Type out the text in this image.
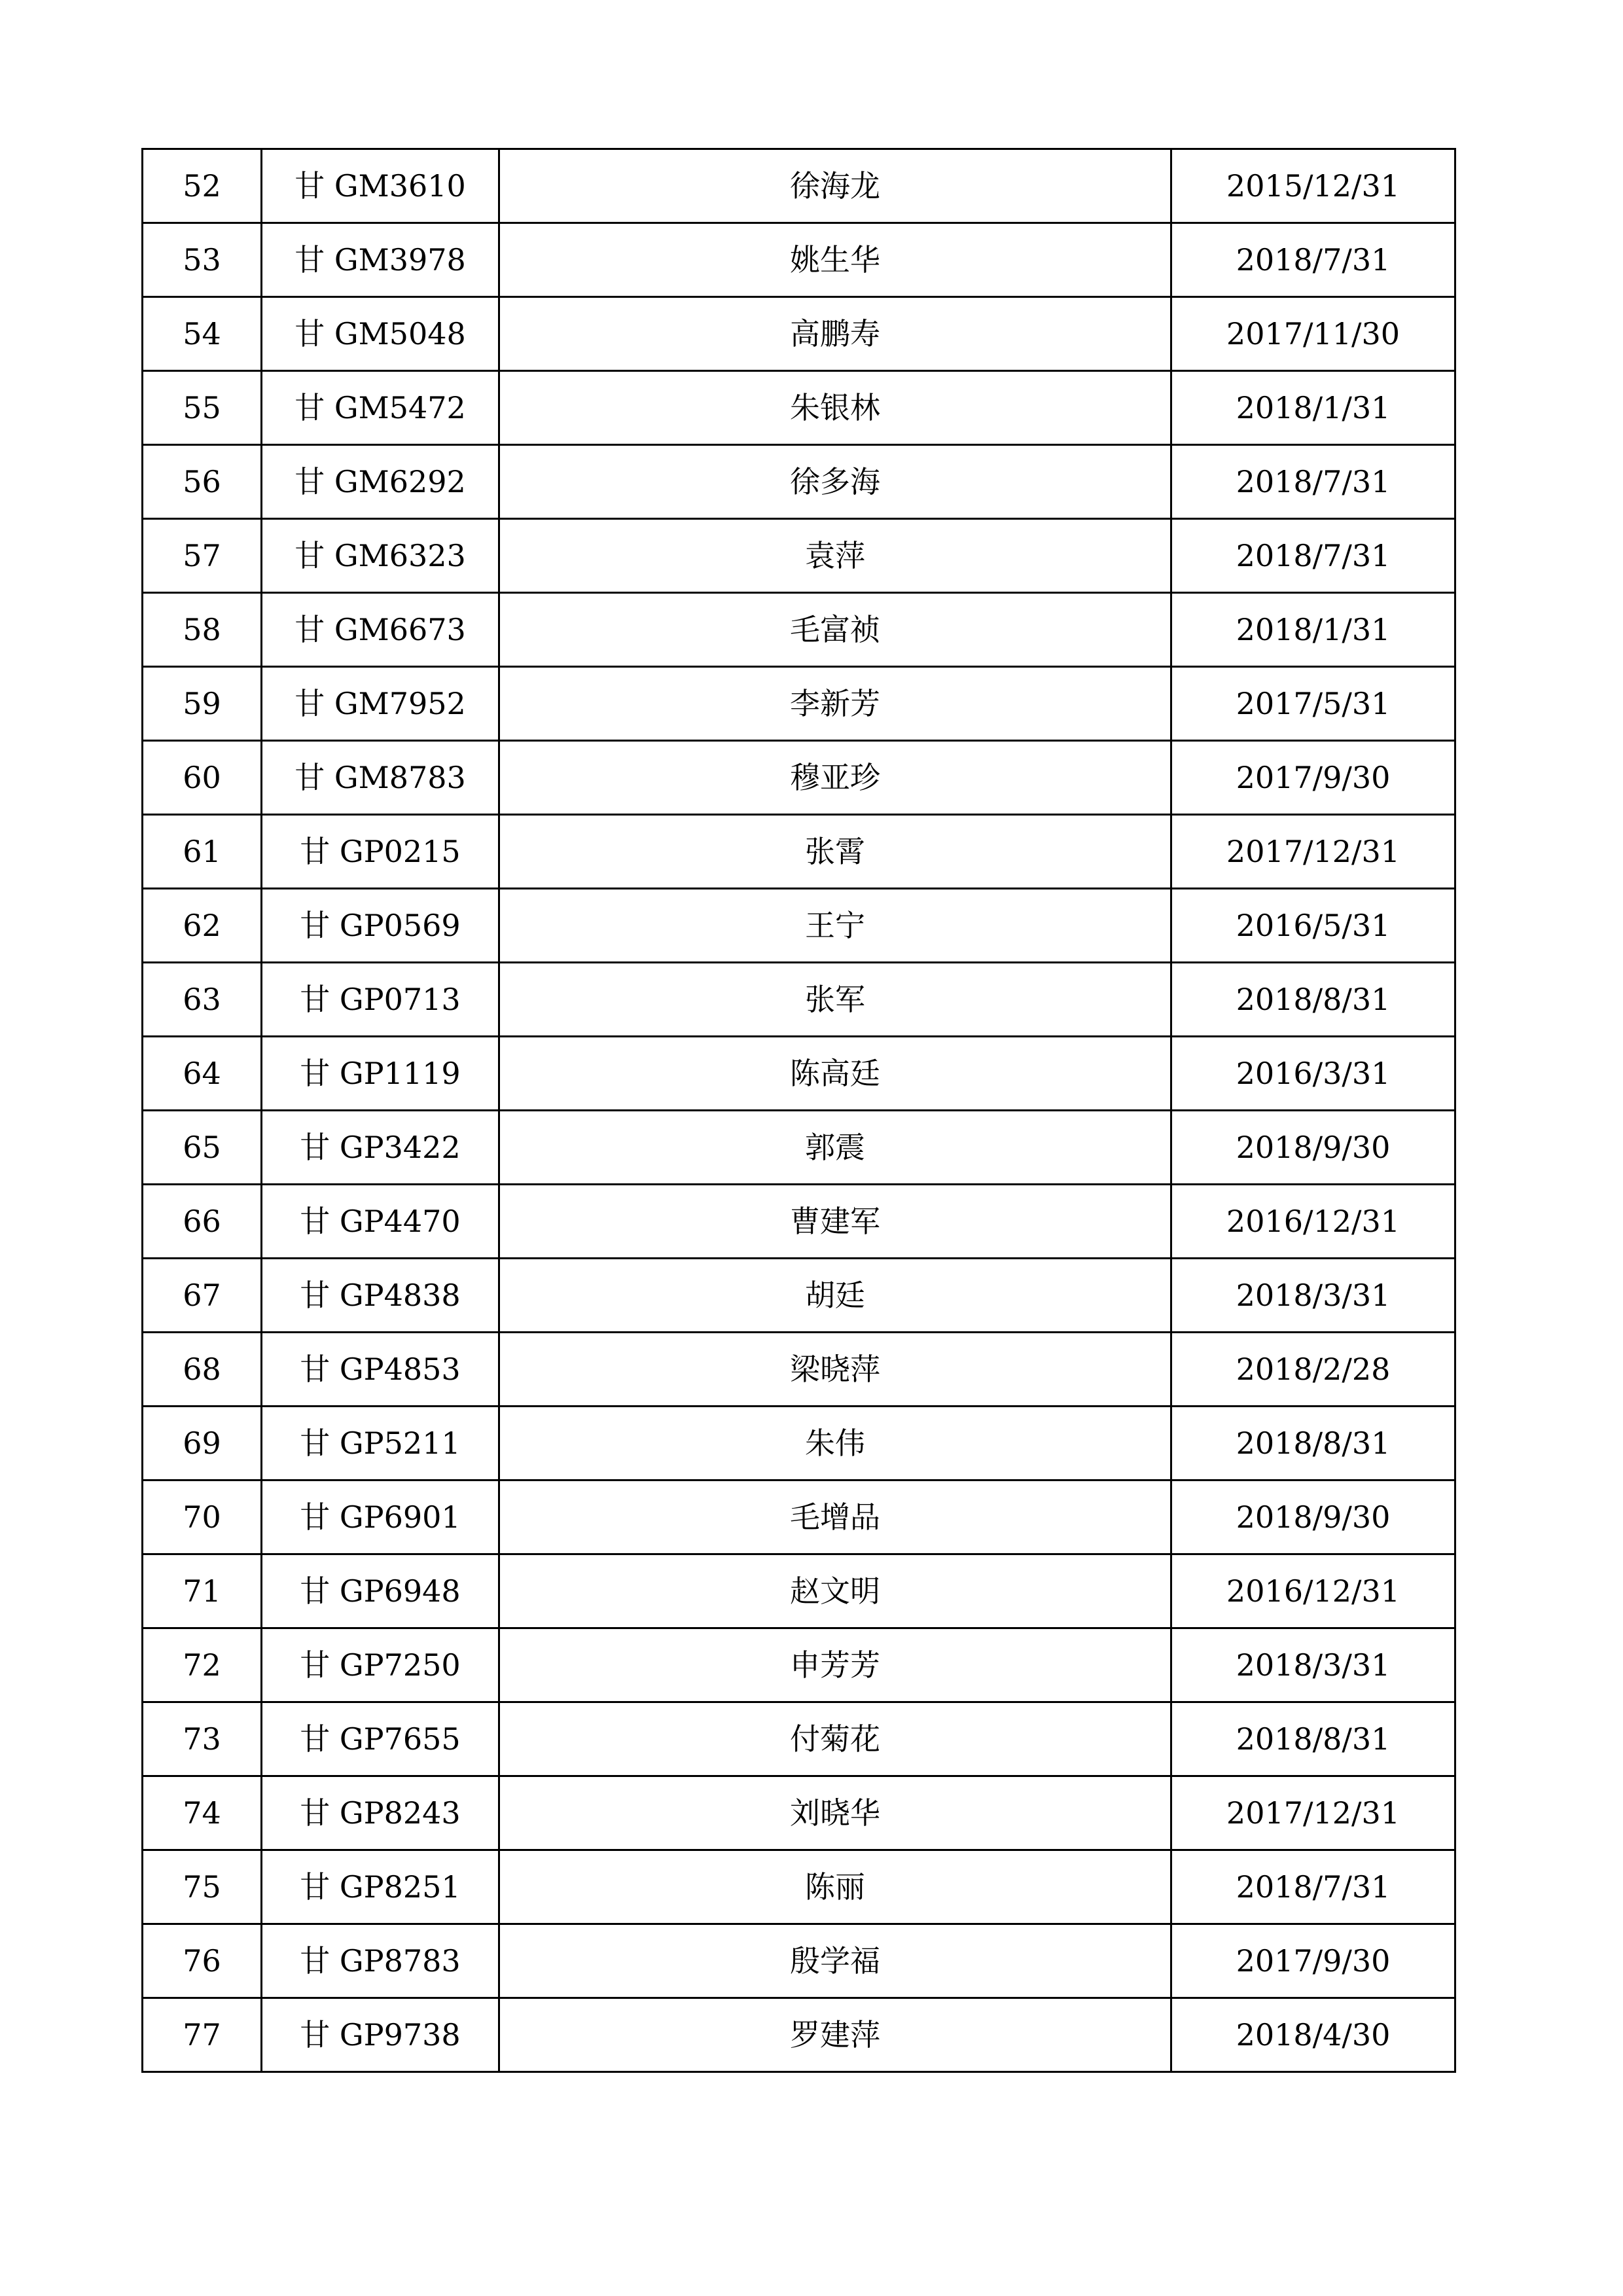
52	甘 GM3610	徐海龙	2015/12/31
53	甘 GM3978	姚生华	2018/7/31
54	甘 GM5048	高鹏寿	2017/11/30
55	甘 GM5472	朱银林	2018/1/31
56	甘 GM6292	徐多海	2018/7/31
57	甘 GM6323	袁萍	2018/7/31
58	甘 GM6673	毛富祯	2018/1/31
59	甘 GM7952	李新芳	2017/5/31
60	甘 GM8783	穆亚珍	2017/9/30
61	甘 GP0215	张霄	2017/12/31
62	甘 GP0569	王宁	2016/5/31
63	甘 GP0713	张军	2018/8/31
64	甘 GP1119	陈高廷	2016/3/31
65	甘 GP3422	郭震	2018/9/30
66	甘 GP4470	曹建军	2016/12/31
67	甘 GP4838	胡廷	2018/3/31
68	甘 GP4853	梁晓萍	2018/2/28
69	甘 GP5211	朱伟	2018/8/31
70	甘 GP6901	毛增品	2018/9/30
71	甘 GP6948	赵文明	2016/12/31
72	甘 GP7250	申芳芳	2018/3/31
73	甘 GP7655	付菊花	2018/8/31
74	甘 GP8243	刘晓华	2017/12/31
75	甘 GP8251	陈丽	2018/7/31
76	甘 GP8783	殷学福	2017/9/30
77	甘 GP9738	罗建萍	2018/4/30
